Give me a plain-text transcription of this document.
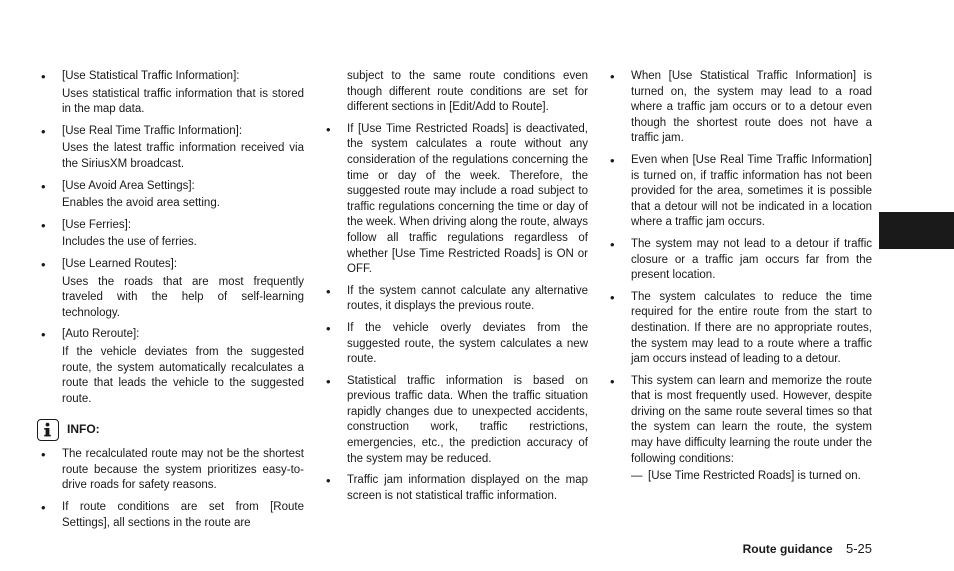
• [Use Statistical Traffic Information]:
Uses statistical traffic information that is stored in the map data.
• [Use Real Time Traffic Information]:
Uses the latest traffic information received via the SiriusXM broadcast.
• [Use Avoid Area Settings]:
Enables the avoid area setting.
• [Use Ferries]:
Includes the use of ferries.
• [Use Learned Routes]:
Uses the roads that are most frequently traveled with the help of self-learning technology.
• [Auto Reroute]:
If the vehicle deviates from the suggested route, the system automatically recalculates a route that leads the vehicle to the suggested route.
INFO:
• The recalculated route may not be the shortest route because the system prioritizes easy-to-drive roads for safety reasons.
• If route conditions are set from [Route Settings], all sections in the route are
subject to the same route conditions even though different route conditions are set for different sections in [Edit/Add to Route].
• If [Use Time Restricted Roads] is deactivated, the system calculates a route without any consideration of the regulations concerning the time or day of the week. Therefore, the suggested route may include a road subject to traffic regulations concerning the time or day of the week. When driving along the route, always follow all traffic regulations regardless of whether [Use Time Restricted Roads] is ON or OFF.
• If the system cannot calculate any alternative routes, it displays the previous route.
• If the vehicle overly deviates from the suggested route, the system calculates a new route.
• Statistical traffic information is based on previous traffic data. When the traffic situation rapidly changes due to unexpected accidents, construction work, traffic restrictions, emergencies, etc., the prediction accuracy of the system may be reduced.
• Traffic jam information displayed on the map screen is not statistical traffic information.
• When [Use Statistical Traffic Information] is turned on, the system may lead to a road where a traffic jam occurs or to a detour even though the shortest route does not have a traffic jam.
• Even when [Use Real Time Traffic Information] is turned on, if traffic information has not been provided for the area, sometimes it is possible that a detour will not be indicated in a location where a traffic jam occurs.
• The system may not lead to a detour if traffic closure or a traffic jam occurs far from the present location.
• The system calculates to reduce the time required for the entire route from the start to destination. If there are no appropriate routes, the system may lead to a route where a traffic jam occurs instead of leading to a detour.
• This system can learn and memorize the route that is most frequently used. However, despite driving on the same route several times so that the system can learn the route, the system may have difficulty learning the route under the following conditions:
— [Use Time Restricted Roads] is turned on.
Route guidance 5-25
